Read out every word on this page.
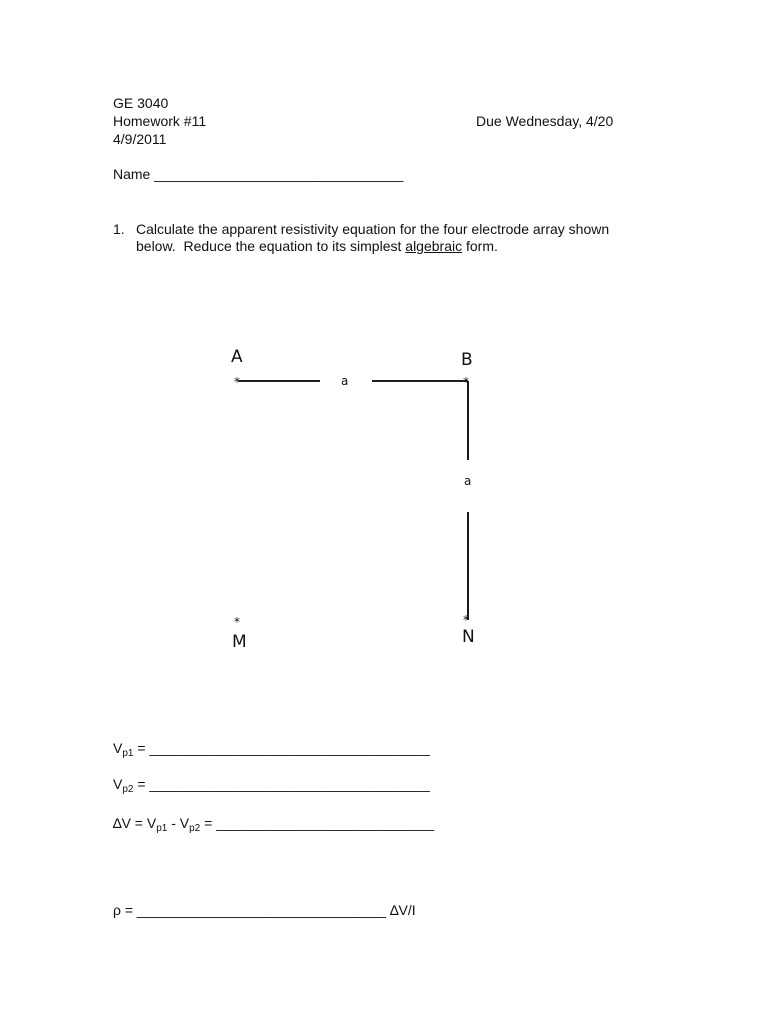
GE 3040
Homework #11	Due Wednesday, 4/20
4/9/2011
Name ________________________________
1. Calculate the apparent resistivity equation for the four electrode array shown
below.  Reduce the equation to its simplest algebraic form.
A	B
M	N
*	*
*	*
a
a
$V_{p1}$ = ____________________________________
$V_{p2}$ = ____________________________________
$\Delta V = V_{p1} - V_{p2}$ = ____________________________
ρ = ________________________________ ∆V/I
